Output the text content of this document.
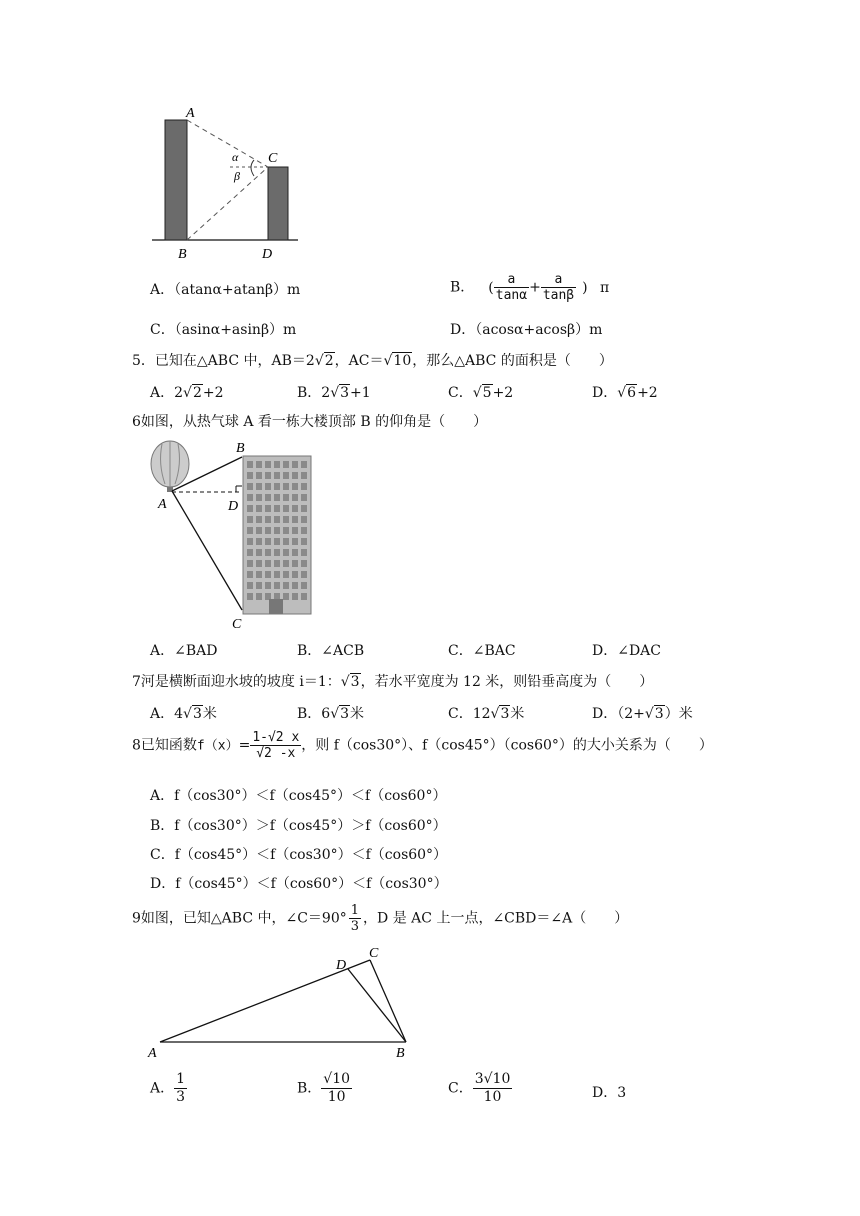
A
B
C
D
α
β
A．（atanα+atanβ）m	B． ( $\frac{a}{\tan\alpha} + \frac{a}{\tan\beta}$ ) π
C．（asinα+asinβ）m	D．（acosα+acosβ）m
5．已知在△ABC 中，AB＝2√2，AC＝√10，那么△ABC 的面积是（　　）
A．2√2+2	B．2√3+1	C．√5+2	D．√6+2
6如图，从热气球 A 看一栋大楼顶部 B 的仰角是（　　）
A
B
C
D
A．∠BAD	B．∠ACB	C．∠BAC	D．∠DAC
7河是横断面迎水坡的坡度 i＝1：√3，若水平宽度为 12 米，则铅垂高度为（　　）
A．4√3米	B．6√3米	C．12√3米	D．（2+√3）米
8已知函数$f(x)= \frac{1-√2 x}{√2 -x}$ ，则 f（cos30°）、f（cos45°）（cos60°）的大小关系为（　　）
A．f（cos30°）＜f（cos45°）＜f（cos60°）
B．f（cos30°）＞f（cos45°）＞f（cos60°）
C．f（cos45°）＜f（cos30°）＜f（cos60°）
D．f（cos45°）＜f（cos60°）＜f（cos30°）
9如图，已知△ABC 中，∠C＝90° $\frac{1}{3}$ ，D 是 AC 上一点，∠CBD＝∠A（　　）
A	B
C
D
A． $\frac{1}{3}$	B． $\frac{√10}{10}$	C． $\frac{3√10}{10}$	D．3
